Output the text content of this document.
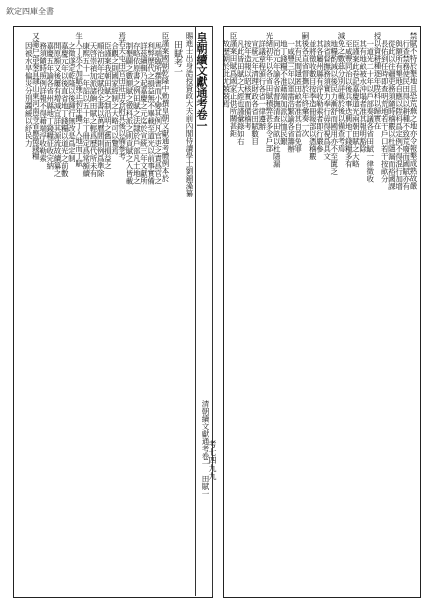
皇朝續文獻通考卷一
賜進士出身誥授資政大夫前內閣侍讀學士劉錦藻纂
田賦考一
臣謹案國朝乾隆中勅撰皇朝文獻通考體例本於
馬端臨所撰書而小變其例凡官吏之責爲官之
利弊歷代之損益無不畢載至道光以前事實備
詳茲續輯乃起嘉慶之元迄於宣統三年文獻所
存略依原書之例田賦之法隸於戶部凡土地之
制墾闢之數額賦之徵科派之則貢賦之入皆載
焉若夫屯田官田莊田各附其後以備參考
合觀之則國家經制之大略可以覽焉
臣謹案我朝田賦之制沿明之舊而損益之
順治初年定賦役全書以萬曆間則例爲準除
天啓崇禎加派諸餉田賦之輕爲歷代所未有
康熙五十一年詔以五十年丁冊定爲常額續
生人丁永不加賦雍正初年攤丁入地而丁賦
之徵遂定乾隆以後踵行無改是爲定制
嘉慶元年以後直省地丁錢糧以道光之前數
開原額又後屢有增減宜詳其源流故續纂之
嘉慶五年諭各省州縣地丁錢糧征收完納
務須隨時照例詳報不得藉端浮收勒索
又諭戶部奏直隸山東河南等省應徵錢糧
因被水旱偏災分別蠲緩以紓民力
清朝續文獻通考卷一　田賦一
禁賦不特於墾地且恐荒蕪之地亦令報墾成熟故嚴
行查禁務使民田得以耕種不致荒廢而國賦亦有
與額所有墾地自應以陞科爲定例不得混行加增
從此以往疆吏務須隨時稽覈以杜隱漏而裕國課
長佑到任時即查明荒地若干戶口若干按畝分
授以資耕種逐年陞科以歸實在
一道光二十年以戶部奏議各省田賦一律徵收
其有地畝被水沖塌者准其報明豁除
臣謹案此卷記嘉慶道光兩朝田賦之大略
至咸豐同治以後兵事迭興地丁錢糧多有
減免之數茲分別詳載於後以備查考焉
地糧酌減以後民力漸舒而國用亦不至匱乏
該省督撫務須實力奉行毋得視爲具文
其各屬州縣有浮收勒索者即行嚴參
並將徵收數目按季造冊報部以憑稽覈
嗣後各直省督撫於年終彙奏一次
其有民間隱匿田畝者准其自首免罪
一咸豐三年以軍需浩繁諭各省籌辦
地丁錢糧不准藉端加派以恤民艱
同治元年諭各省督撫清查田畝以杜隱漏
光緒初年以各省田賦積弊甚多令戶部
詳議章程頒行各省一律遵辦
宣統元年清理財政各省田賦數目
按年造報以昭核實而備稽考
凡此皆田賦之大經也謹彙錄如右
臣謹案田賦爲國家正供所關甚鉅
故歷朝於此尤兢兢焉
欽定四庫全書
考七四九九
